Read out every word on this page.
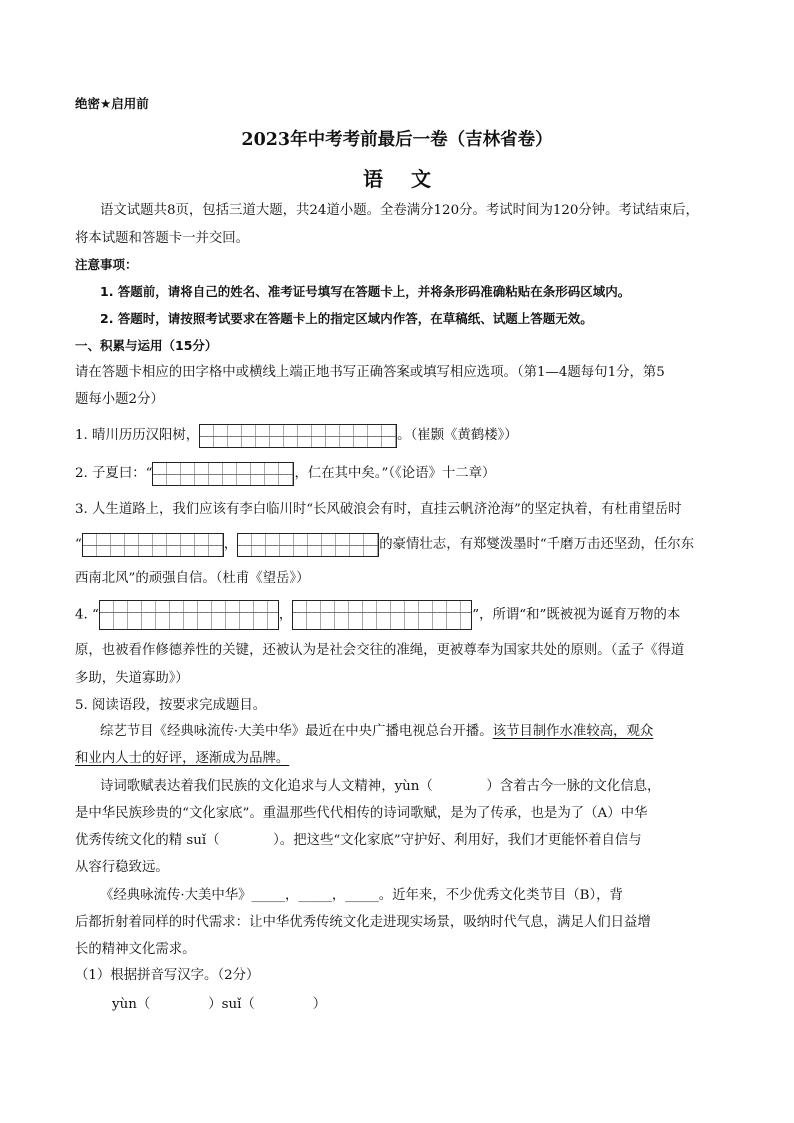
绝密★启用前
2023年中考考前最后一卷（吉林省卷）
语文
语文试题共8页，包括三道大题，共24道小题。全卷满分120分。考试时间为120分钟。考试结束后，
将本试题和答题卡一并交回。
注意事项：
1. 答题前，请将自己的姓名、准考证号填写在答题卡上，并将条形码准确粘贴在条形码区域内。
2. 答题时，请按照考试要求在答题卡上的指定区域内作答，在草稿纸、试题上答题无效。
一、积累与运用（15分）
请在答题卡相应的田字格中或横线上端正地书写正确答案或填写相应选项。（第1—4题每句1分，第5
题每小题2分）
1. 晴川历历汉阳树，	。（崔颢《黄鹤楼》）
2. 子夏曰：“	，仁在其中矣。”（《论语》十二章）
3. 人生道路上，我们应该有李白临川时“长风破浪会有时，直挂云帆济沧海”的坚定执着，有杜甫望岳时
“	，	的豪情壮志，有郑燮泼墨时“千磨万击还坚劲，任尔东
西南北风”的顽强自信。（杜甫《望岳》）
4. “	，	”，所谓“和”既被视为诞育万物的本
原，也被看作修德养性的关键，还被认为是社会交往的准绳，更被尊奉为国家共处的原则。（孟子《得道
多助，失道寡助》）
5. 阅读语段，按要求完成题目。
综艺节目《经典咏流传·大美中华》最近在中央广播电视总台开播。该节目制作水准较高，观众
和业内人士的好评，逐渐成为品牌。
诗词歌赋表达着我们民族的文化追求与人文精神，yùn（　　　　）含着古今一脉的文化信息，
是中华民族珍贵的“文化家底”。重温那些代代相传的诗词歌赋，是为了传承，也是为了（A）中华
优秀传统文化的精 suǐ（　　　　）。把这些“文化家底”守护好、利用好，我们才更能怀着自信与
从容行稳致远。
《经典咏流传·大美中华》_____，_____，_____。近年来，不少优秀文化类节目（B），背
后都折射着同样的时代需求：让中华优秀传统文化走进现实场景，吸纳时代气息，满足人们日益增
长的精神文化需求。
（1）根据拼音写汉字。（2分）
yùn（	）suǐ（	）
